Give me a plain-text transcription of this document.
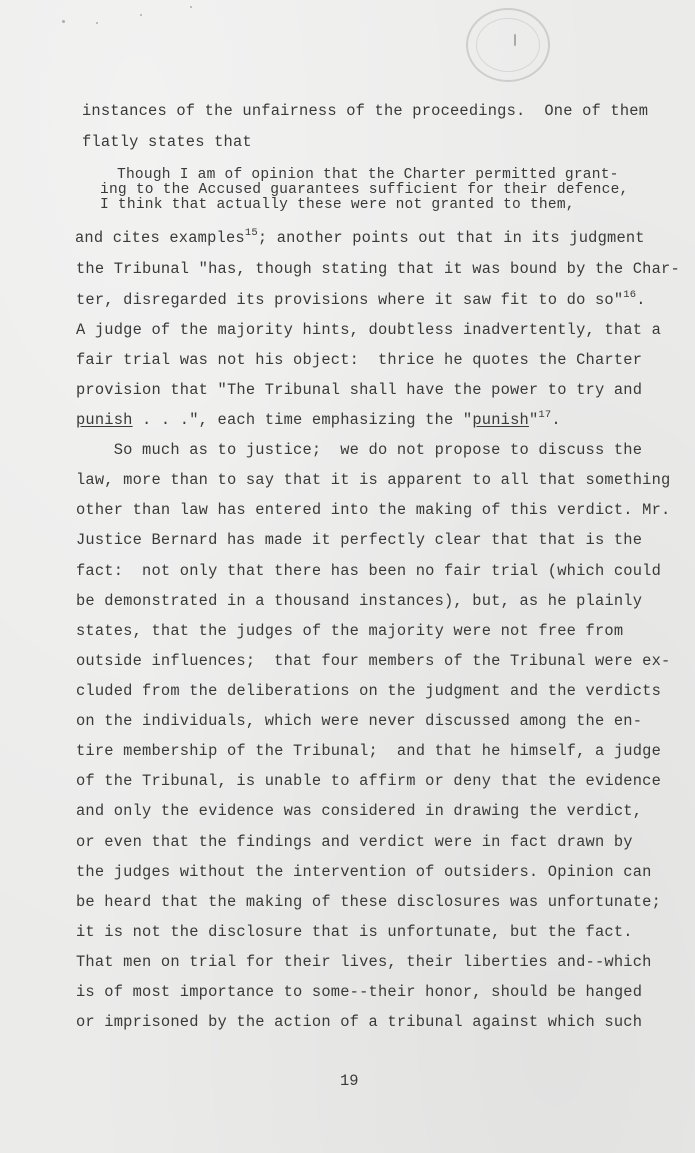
instances of the unfairness of the proceedings.  One of them
flatly states that
Though I am of opinion that the Charter permitted grant-
ing to the Accused guarantees sufficient for their defence,
I think that actually these were not granted to them,
and cites examples$^{15}$; another points out that in its judgment
the Tribunal "has, though stating that it was bound by the Char-
ter, disregarded its provisions where it saw fit to do so"$^{16}$.
A judge of the majority hints, doubtless inadvertently, that a
fair trial was not his object:  thrice he quotes the Charter
provision that "The Tribunal shall have the power to try and
punish . . .", each time emphasizing the "punish"$^{17}$.
So much as to justice;  we do not propose to discuss the
law, more than to say that it is apparent to all that something
other than law has entered into the making of this verdict. Mr.
Justice Bernard has made it perfectly clear that that is the
fact:  not only that there has been no fair trial (which could
be demonstrated in a thousand instances), but, as he plainly
states, that the judges of the majority were not free from
outside influences;  that four members of the Tribunal were ex-
cluded from the deliberations on the judgment and the verdicts
on the individuals, which were never discussed among the en-
tire membership of the Tribunal;  and that he himself, a judge
of the Tribunal, is unable to affirm or deny that the evidence
and only the evidence was considered in drawing the verdict,
or even that the findings and verdict were in fact drawn by
the judges without the intervention of outsiders. Opinion can
be heard that the making of these disclosures was unfortunate;
it is not the disclosure that is unfortunate, but the fact.
That men on trial for their lives, their liberties and--which
is of most importance to some--their honor, should be hanged
or imprisoned by the action of a tribunal against which such
19
